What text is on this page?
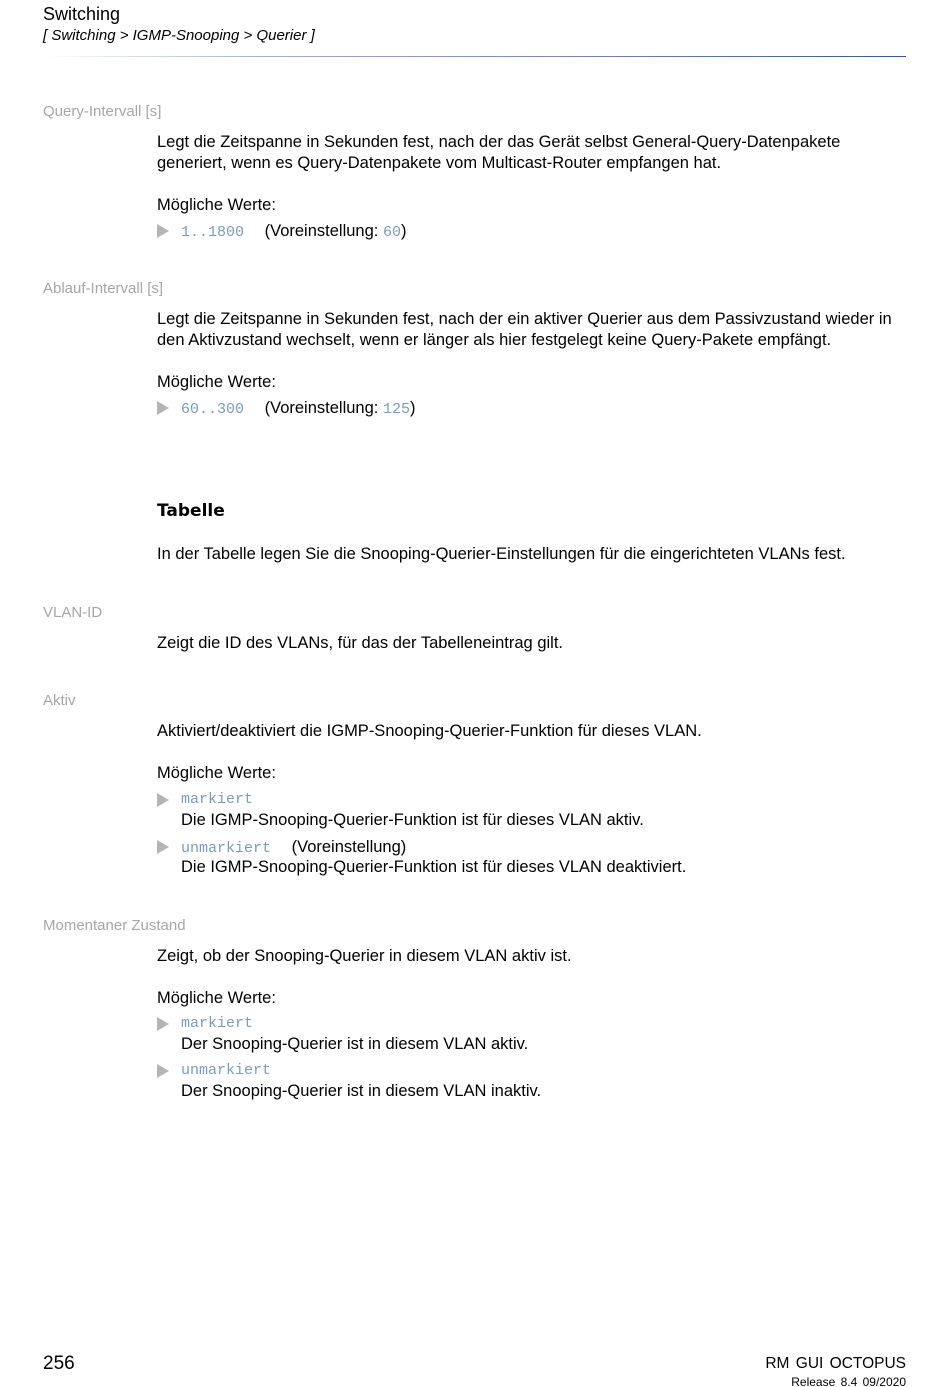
Switching
[ Switching > IGMP-Snooping > Querier ]
Query-Intervall [s]
Legt die Zeitspanne in Sekunden fest, nach der das Gerät selbst General-Query-Datenpakete generiert, wenn es Query-Datenpakete vom Multicast-Router empfangen hat.
Mögliche Werte:
1..1800 (Voreinstellung: 60)
Ablauf-Intervall [s]
Legt die Zeitspanne in Sekunden fest, nach der ein aktiver Querier aus dem Passivzustand wieder in den Aktivzustand wechselt, wenn er länger als hier festgelegt keine Query-Pakete empfängt.
Mögliche Werte:
60..300 (Voreinstellung: 125)
Tabelle
In der Tabelle legen Sie die Snooping-Querier-Einstellungen für die eingerichteten VLANs fest.
VLAN-ID
Zeigt die ID des VLANs, für das der Tabelleneintrag gilt.
Aktiv
Aktiviert/deaktiviert die IGMP-Snooping-Querier-Funktion für dieses VLAN.
Mögliche Werte:
markiert
Die IGMP-Snooping-Querier-Funktion ist für dieses VLAN aktiv.
unmarkiert (Voreinstellung)
Die IGMP-Snooping-Querier-Funktion ist für dieses VLAN deaktiviert.
Momentaner Zustand
Zeigt, ob der Snooping-Querier in diesem VLAN aktiv ist.
Mögliche Werte:
markiert
Der Snooping-Querier ist in diesem VLAN aktiv.
unmarkiert
Der Snooping-Querier ist in diesem VLAN inaktiv.
256	RM GUI OCTOPUS
Release 8.4 09/2020
